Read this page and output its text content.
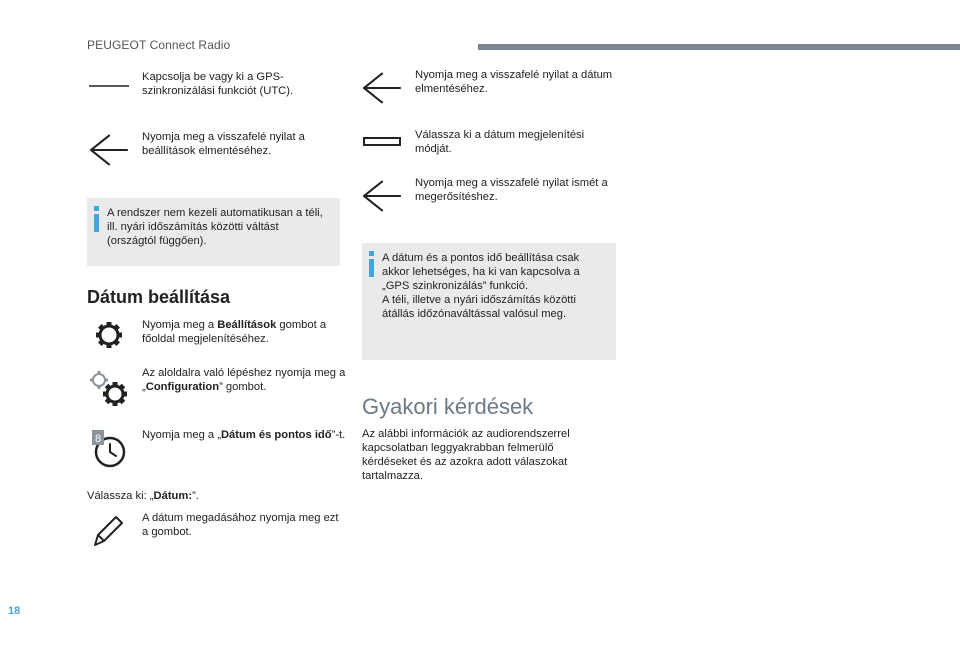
PEUGEOT Connect Radio
Kapcsolja be vagy ki a GPS-szinkronizálási funkciót (UTC).
Nyomja meg a visszafelé nyilat a beállítások elmentéséhez.
A rendszer nem kezeli automatikusan a téli, ill. nyári időszámítás közötti váltást (országtól függően).
Dátum beállítása
Nyomja meg a Beállítások gombot a főoldal megjelenítéséhez.
Az aloldalra való lépéshez nyomja meg a „Configuration” gombot.
8	Nyomja meg a „Dátum és pontos idő”-t.
Válassza ki: „Dátum:”.
A dátum megadásához nyomja meg ezt a gombot.
Nyomja meg a visszafelé nyilat a dátum elmentéséhez.
Válassza ki a dátum megjelenítési módját.
Nyomja meg a visszafelé nyilat ismét a megerősítéshez.
A dátum és a pontos idő beállítása csak akkor lehetséges, ha ki van kapcsolva a „GPS szinkronizálás” funkció.
A téli, illetve a nyári időszámítás közötti átállás időzónaváltással valósul meg.
Gyakori kérdések
Az alábbi információk az audiorendszerrel kapcsolatban leggyakrabban felmerülő kérdéseket és az azokra adott válaszokat tartalmazza.
18
